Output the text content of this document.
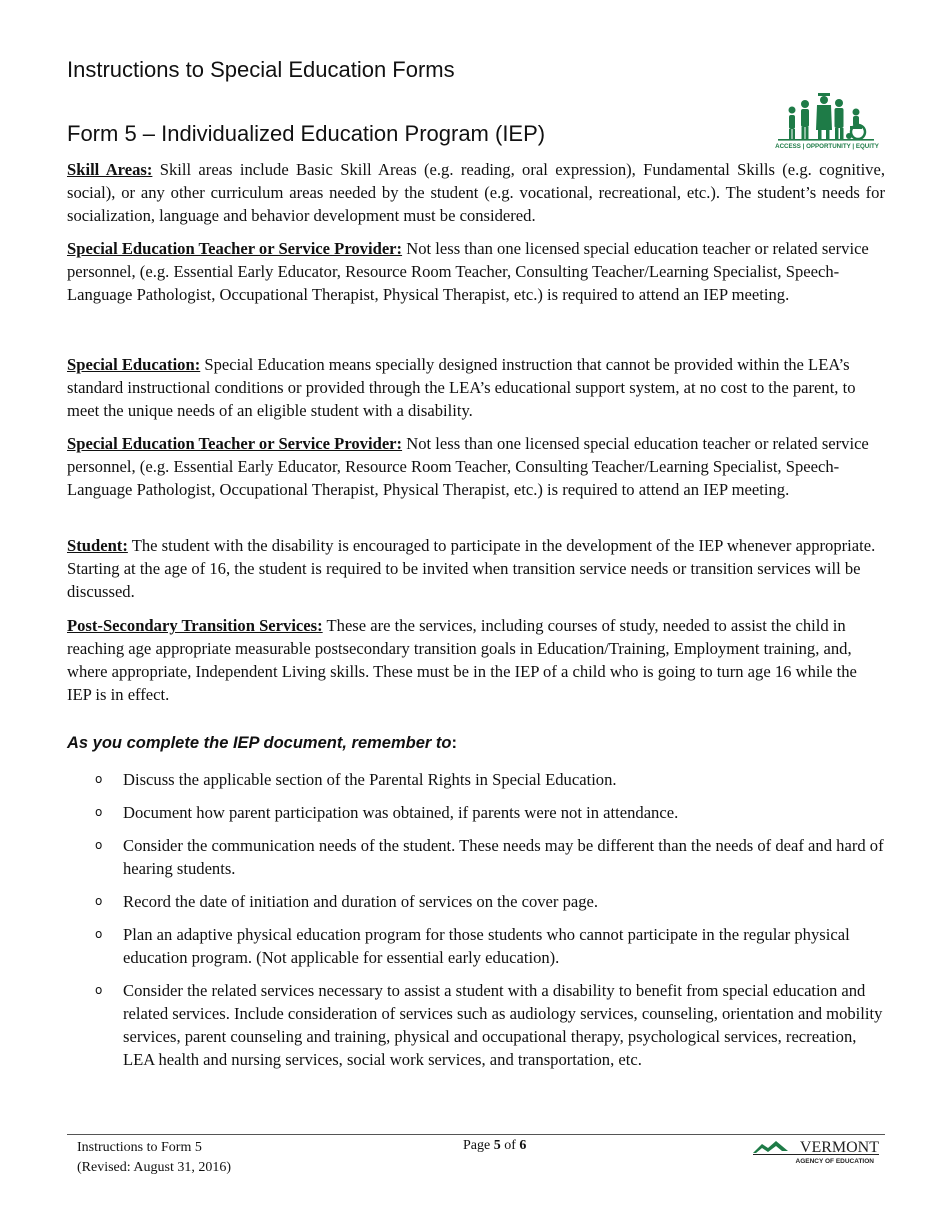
Instructions to Special Education Forms
Form 5 – Individualized Education Program (IEP)
ACCESS | OPPORTUNITY | EQUITY

Skill Areas: Skill areas include Basic Skill Areas (e.g. reading, oral expression), Fundamental Skills (e.g. cognitive, social), or any other curriculum areas needed by the student (e.g. vocational, recreational, etc.). The student’s needs for socialization, language and behavior development must be considered.

Special Education Teacher or Service Provider: Not less than one licensed special education teacher or related service personnel, (e.g. Essential Early Educator, Resource Room Teacher, Consulting Teacher/Learning Specialist, Speech-Language Pathologist, Occupational Therapist, Physical Therapist, etc.) is required to attend an IEP meeting.

Special Education: Special Education means specially designed instruction that cannot be provided within the LEA’s standard instructional conditions or provided through the LEA’s educational support system, at no cost to the parent, to meet the unique needs of an eligible student with a disability.

Special Education Teacher or Service Provider: Not less than one licensed special education teacher or related service personnel, (e.g. Essential Early Educator, Resource Room Teacher, Consulting Teacher/Learning Specialist, Speech-Language Pathologist, Occupational Therapist, Physical Therapist, etc.) is required to attend an IEP meeting.

Student: The student with the disability is encouraged to participate in the development of the IEP whenever appropriate. Starting at the age of 16, the student is required to be invited when transition service needs or transition services will be discussed.

Post-Secondary Transition Services: These are the services, including courses of study, needed to assist the child in reaching age appropriate measurable postsecondary transition goals in Education/Training, Employment training, and, where appropriate, Independent Living skills. These must be in the IEP of a child who is going to turn age 16 while the IEP is in effect.

As you complete the IEP document, remember to:
o Discuss the applicable section of the Parental Rights in Special Education.
o Document how parent participation was obtained, if parents were not in attendance.
o Consider the communication needs of the student. These needs may be different than the needs of deaf and hard of hearing students.
o Record the date of initiation and duration of services on the cover page.
o Plan an adaptive physical education program for those students who cannot participate in the regular physical education program. (Not applicable for essential early education).
o Consider the related services necessary to assist a student with a disability to benefit from special education and related services. Include consideration of services such as audiology services, counseling, orientation and mobility services, parent counseling and training, physical and occupational therapy, psychological services, recreation, LEA health and nursing services, social work services, and transportation, etc.
Instructions to Form 5
(Revised: August 31, 2016)
Page 5 of 6	VERMONT
AGENCY OF EDUCATION
